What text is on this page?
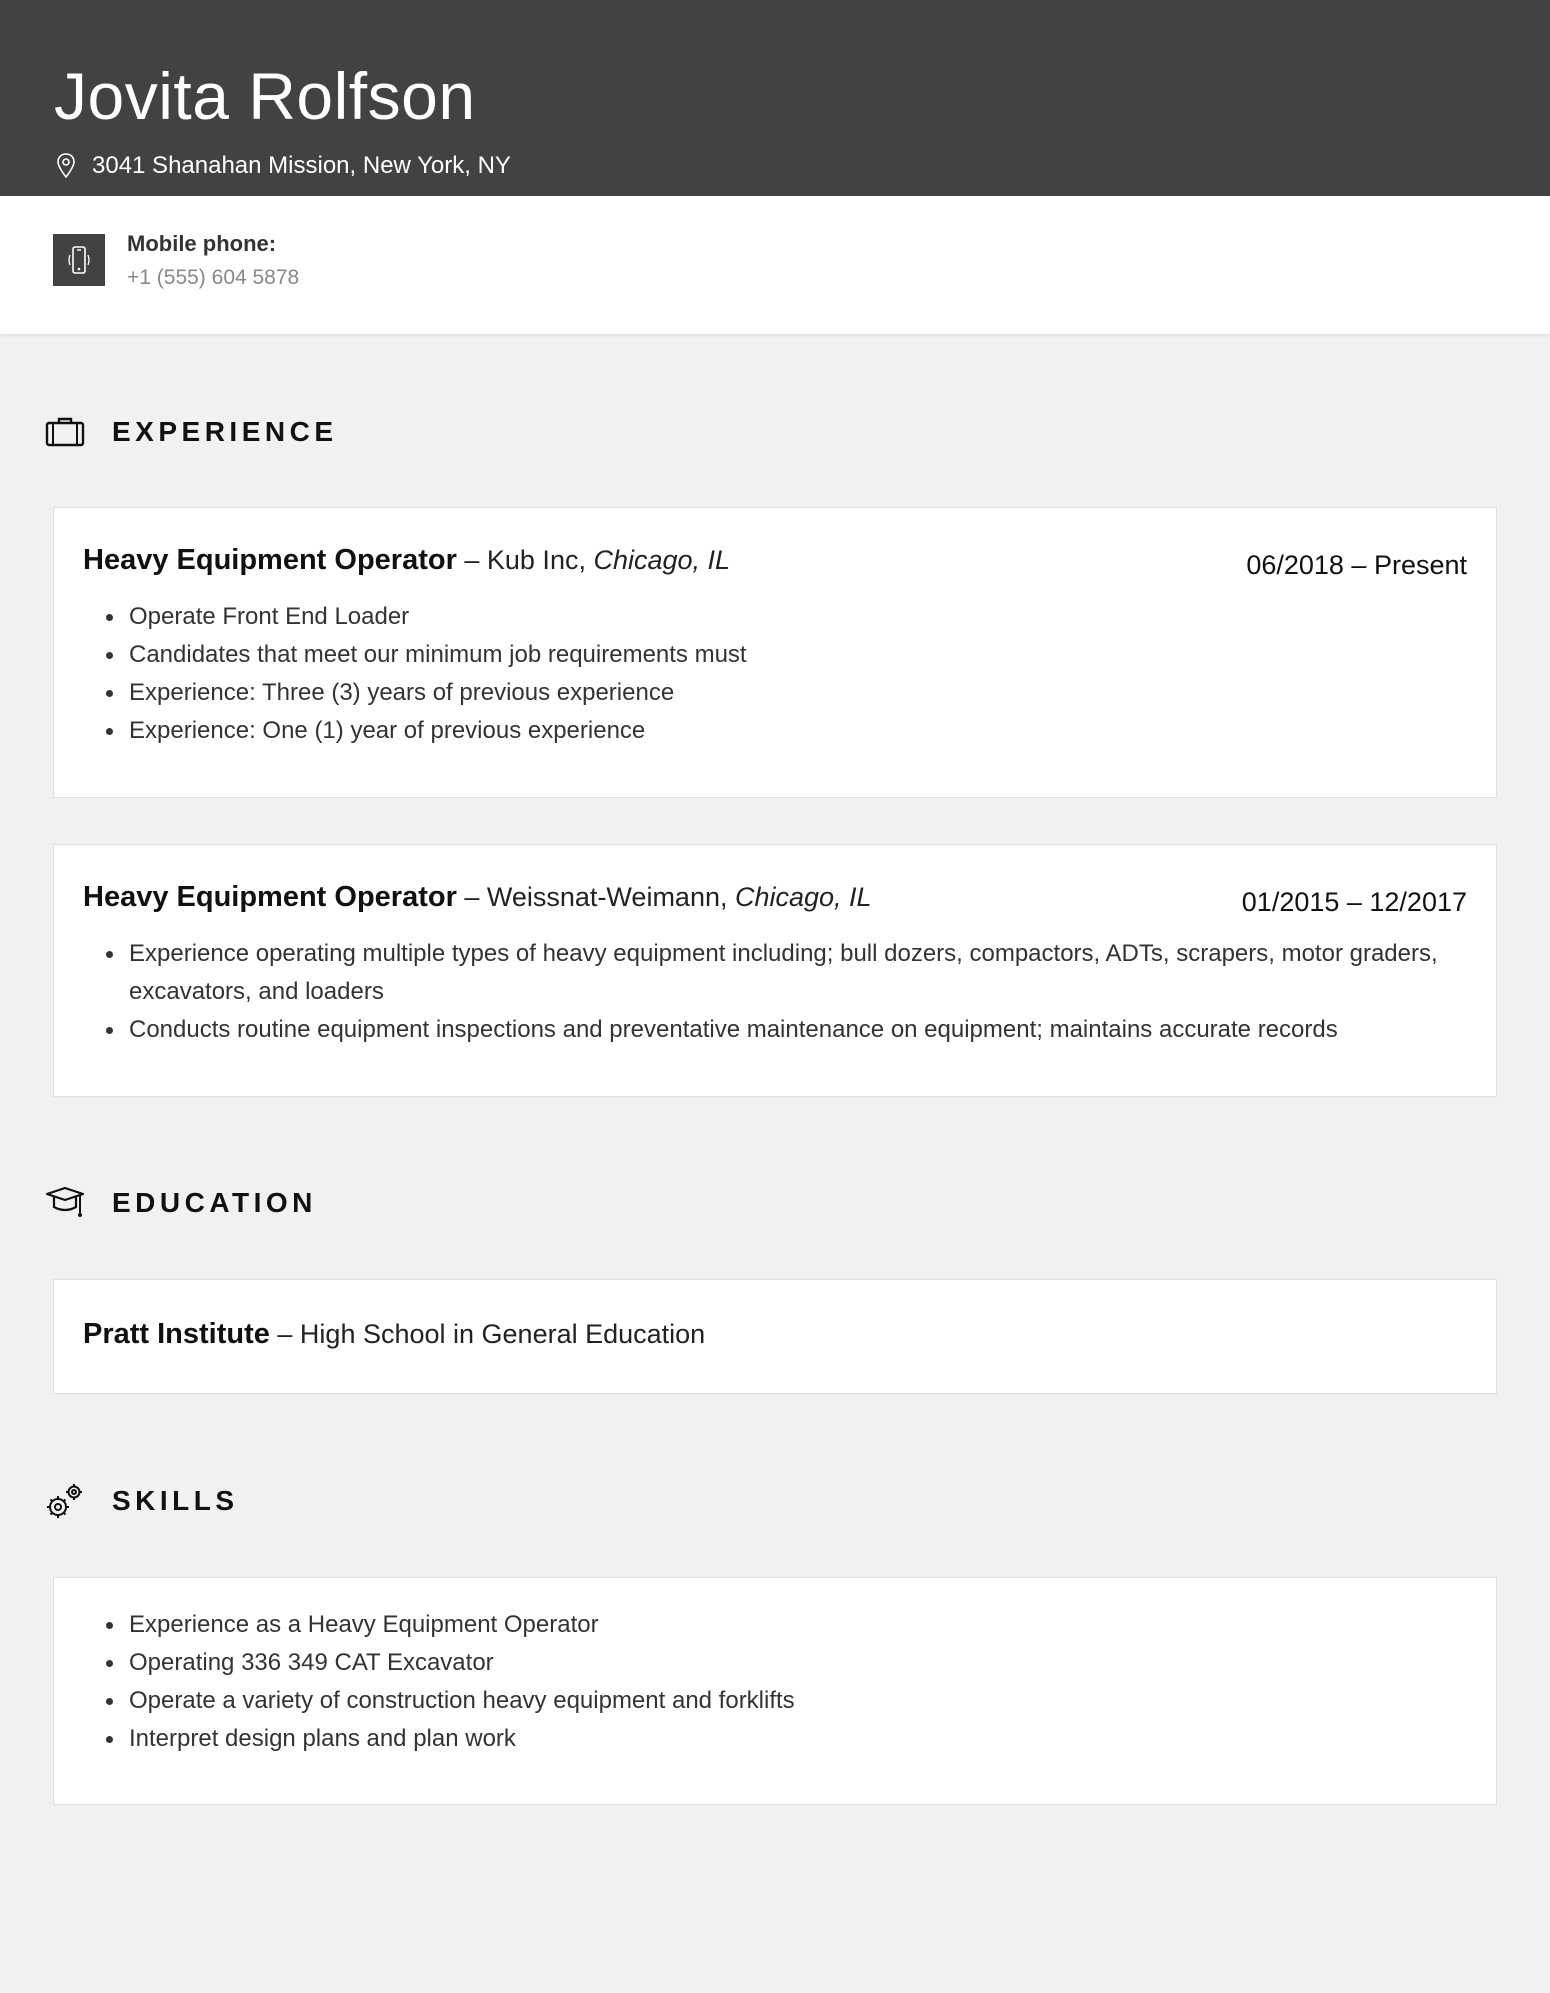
Jovita Rolfson
3041 Shanahan Mission, New York, NY
Mobile phone:
+1 (555) 604 5878
EXPERIENCE
Heavy Equipment Operator – Kub Inc, Chicago, IL	06/2018 – Present
Operate Front End Loader
Candidates that meet our minimum job requirements must
Experience: Three (3) years of previous experience
Experience: One (1) year of previous experience
Heavy Equipment Operator – Weissnat-Weimann, Chicago, IL	01/2015 – 12/2017
Experience operating multiple types of heavy equipment including; bull dozers, compactors, ADTs, scrapers, motor graders, excavators, and loaders
Conducts routine equipment inspections and preventative maintenance on equipment; maintains accurate records
EDUCATION
Pratt Institute – High School in General Education
SKILLS
Experience as a Heavy Equipment Operator
Operating 336 349 CAT Excavator
Operate a variety of construction heavy equipment and forklifts
Interpret design plans and plan work
